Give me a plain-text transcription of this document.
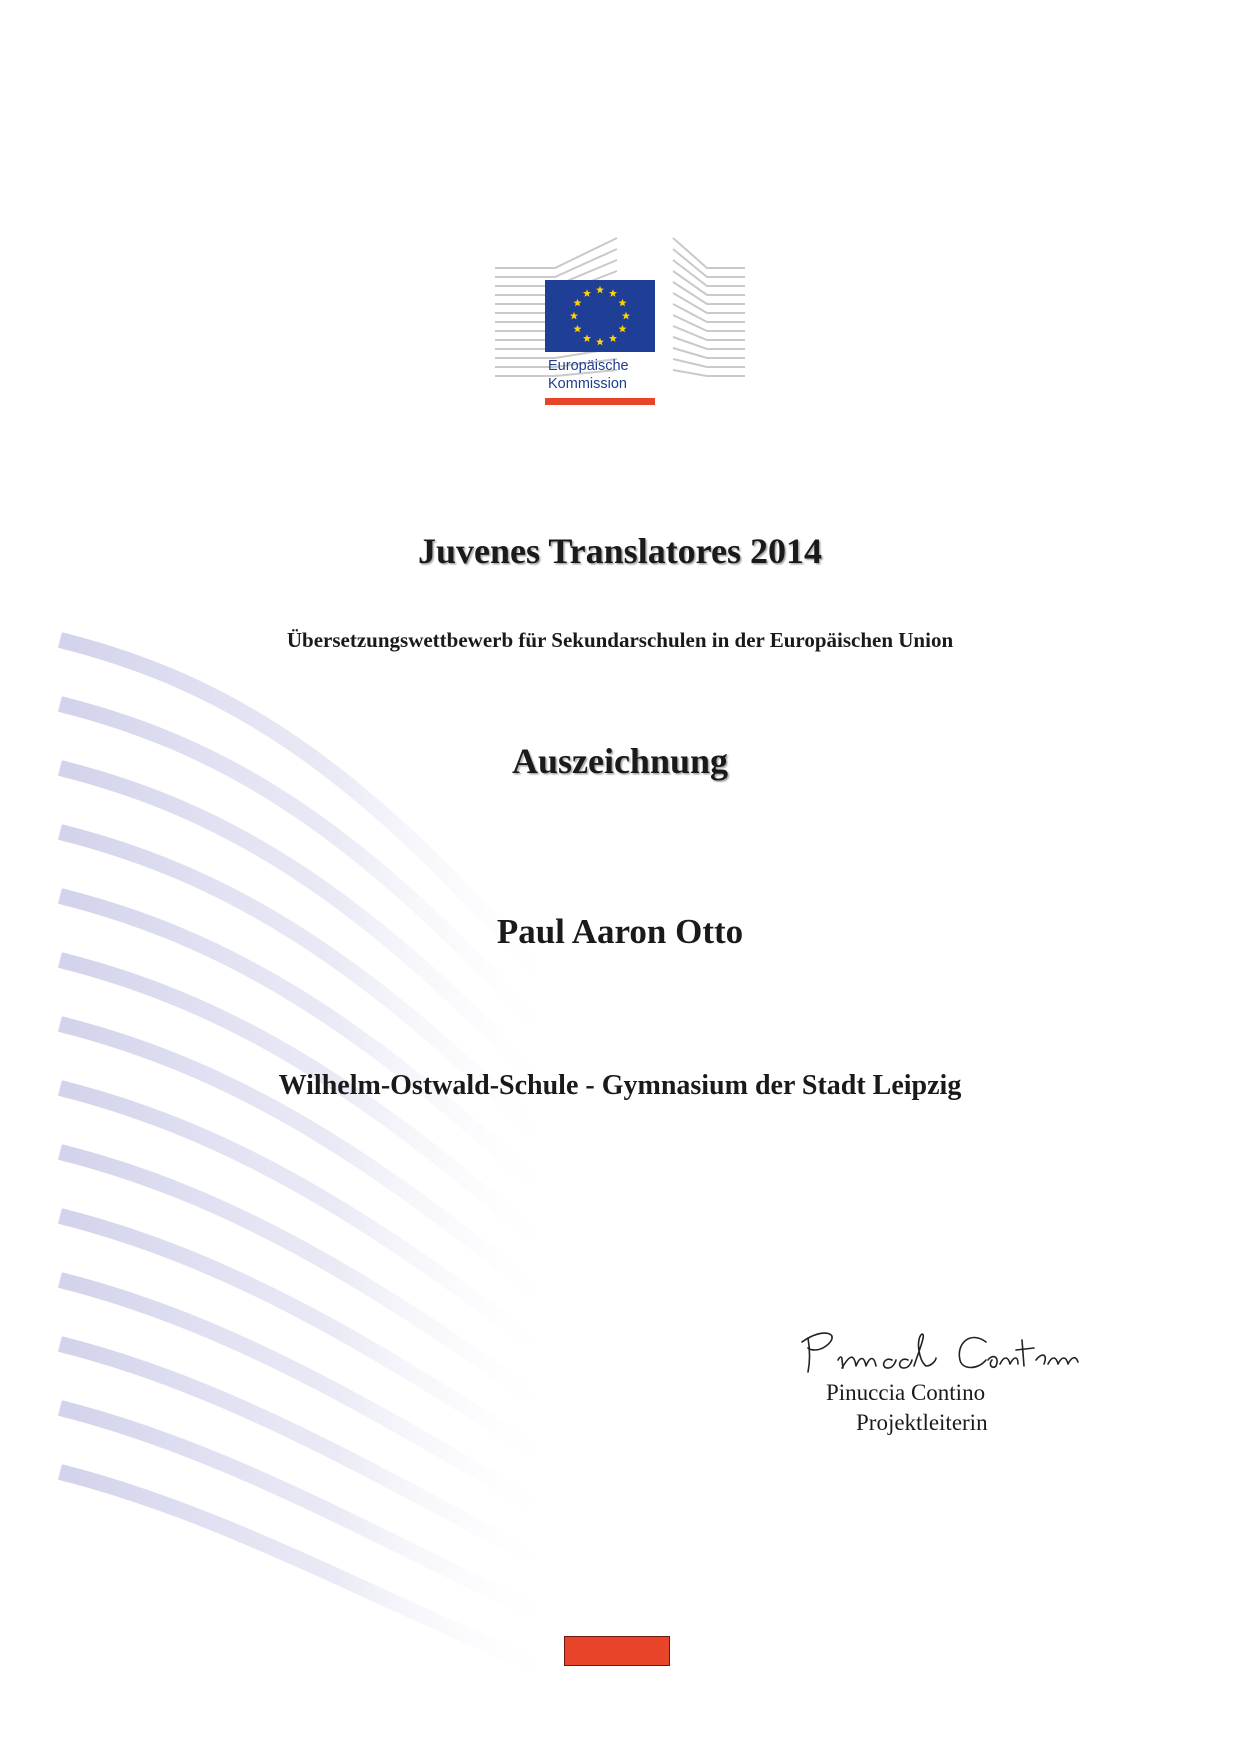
Europäische
Kommission
Juvenes Translatores 2014
Übersetzungswettbewerb für Sekundarschulen in der Europäischen Union
Auszeichnung
Paul Aaron Otto
Wilhelm-Ostwald-Schule - Gymnasium der Stadt Leipzig
Pinuccia Contino
Projektleiterin
